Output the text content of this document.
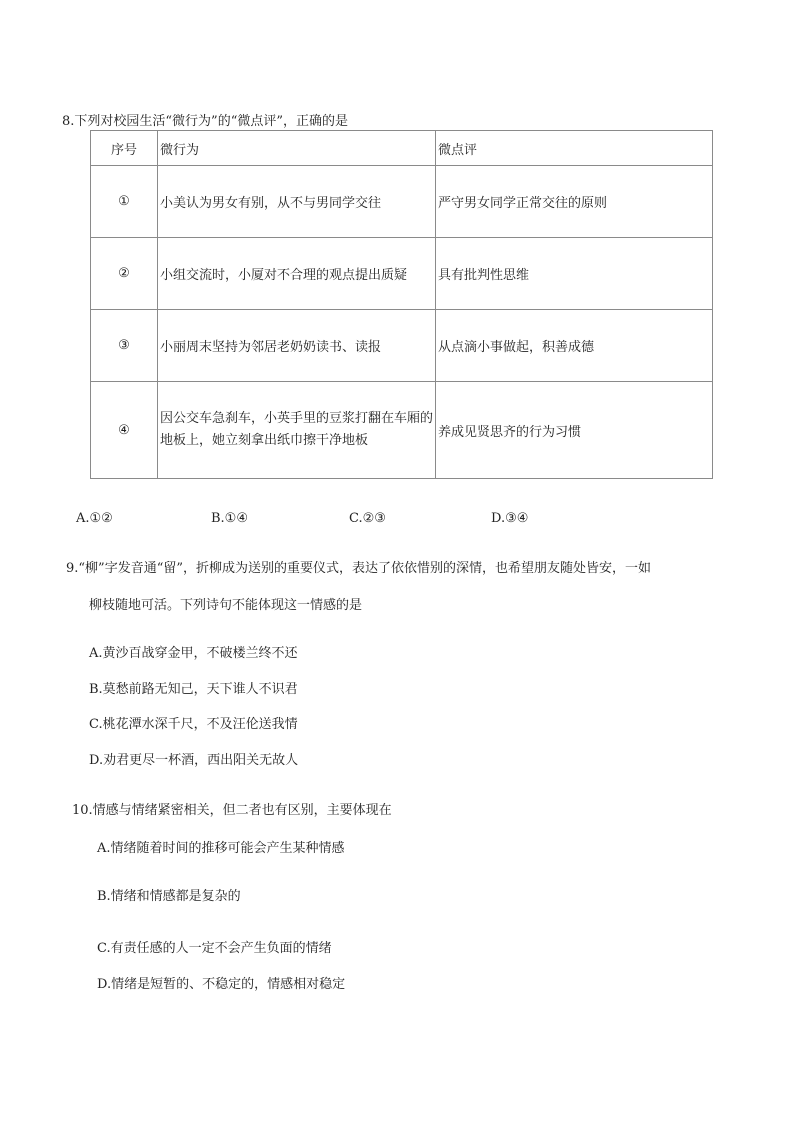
8.下列对校园生活“微行为”的“微点评”，正确的是
序号	微行为	微点评
①	小美认为男女有别，从不与男同学交往	严守男女同学正常交往的原则
②	小组交流时，小厦对不合理的观点提出质疑	具有批判性思维
③	小丽周末坚持为邻居老奶奶读书、读报	从点滴小事做起，积善成德
④	因公交车急刹车，小英手里的豆浆打翻在车厢的地板上，她立刻拿出纸巾擦干净地板	养成见贤思齐的行为习惯
A.①②	B.①④	C.②③	D.③④
9.“柳”字发音通“留”，折柳成为送别的重要仪式，表达了依依惜别的深情，也希望朋友随处皆安，一如
柳枝随地可活。下列诗句不能体现这一情感的是
A.黄沙百战穿金甲，不破楼兰终不还
B.莫愁前路无知己，天下谁人不识君
C.桃花潭水深千尺，不及汪伦送我情
D.劝君更尽一杯酒，西出阳关无故人
10.情感与情绪紧密相关，但二者也有区别，主要体现在
A.情绪随着时间的推移可能会产生某种情感
B.情绪和情感都是复杂的
C.有责任感的人一定不会产生负面的情绪
D.情绪是短暂的、不稳定的，情感相对稳定
